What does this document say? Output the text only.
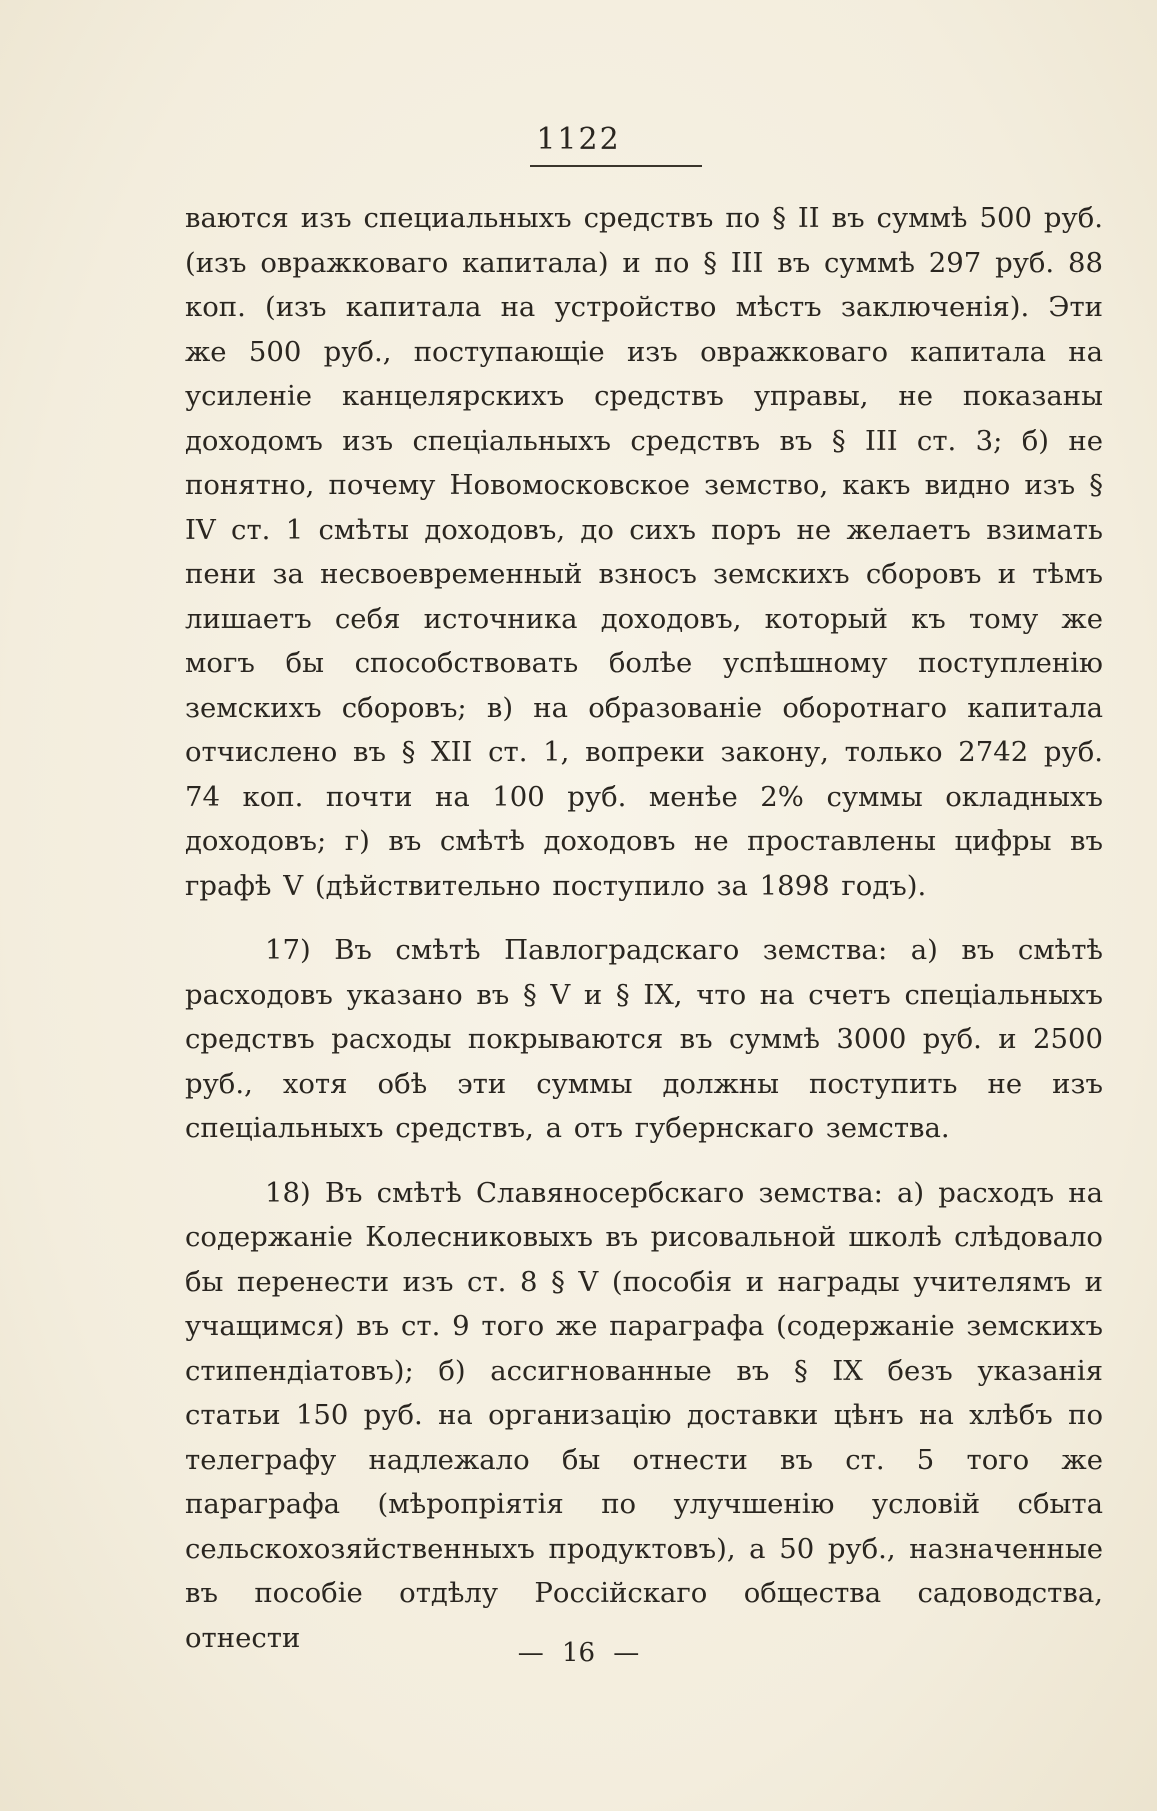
1122

ваются изъ специальныхъ средствъ по § II въ суммѣ 500 руб. (изъ овражковаго капитала) и по § III въ суммѣ 297 руб. 88 коп. (изъ капитала на устройство мѣстъ заключенія). Эти же 500 руб., поступающіе изъ овражковаго капитала на усиленіе канцелярскихъ средствъ управы, не показаны доходомъ изъ спеціальныхъ средствъ въ § III ст. 3; б) не понятно, почему Новомосковское земство, какъ видно изъ § IV ст. 1 смѣты доходовъ, до сихъ поръ не желаетъ взимать пени за несвоевременный взносъ земскихъ сборовъ и тѣмъ лишаетъ себя источника доходовъ, который къ тому же могъ бы способствовать болѣе успѣшному поступленію земскихъ сборовъ; в) на образованіе оборотнаго капитала отчислено въ § XII ст. 1, вопреки закону, только 2742 руб. 74 коп. почти на 100 руб. менѣе 2% суммы окладныхъ доходовъ; г) въ смѣтѣ доходовъ не проставлены цифры въ графѣ V (дѣйствительно поступило за 1898 годъ).

17) Въ смѣтѣ Павлоградскаго земства: а) въ смѣтѣ расходовъ указано въ § V и § IX, что на счетъ спеціальныхъ средствъ расходы покрываются въ суммѣ 3000 руб. и 2500 руб., хотя обѣ эти суммы должны поступить не изъ спеціальныхъ средствъ, а отъ губернскаго земства.

18) Въ смѣтѣ Славяносербскаго земства: а) расходъ на содержаніе Колесниковыхъ въ рисовальной школѣ слѣдовало бы перенести изъ ст. 8 § V (пособія и награды учителямъ и учащимся) въ ст. 9 того же параграфа (содержаніе земскихъ стипендіатовъ); б) ассигнованные въ § IX безъ указанія статьи 150 руб. на организацію доставки цѣнъ на хлѣбъ по телеграфу надлежало бы отнести въ ст. 5 того же параграфа (мѣропріятія по улучшенію условій сбыта сельскохозяйственныхъ продуктовъ), а 50 руб., назначенные въ пособіе отдѣлу Россійскаго общества садоводства, отнести	— 16 —
